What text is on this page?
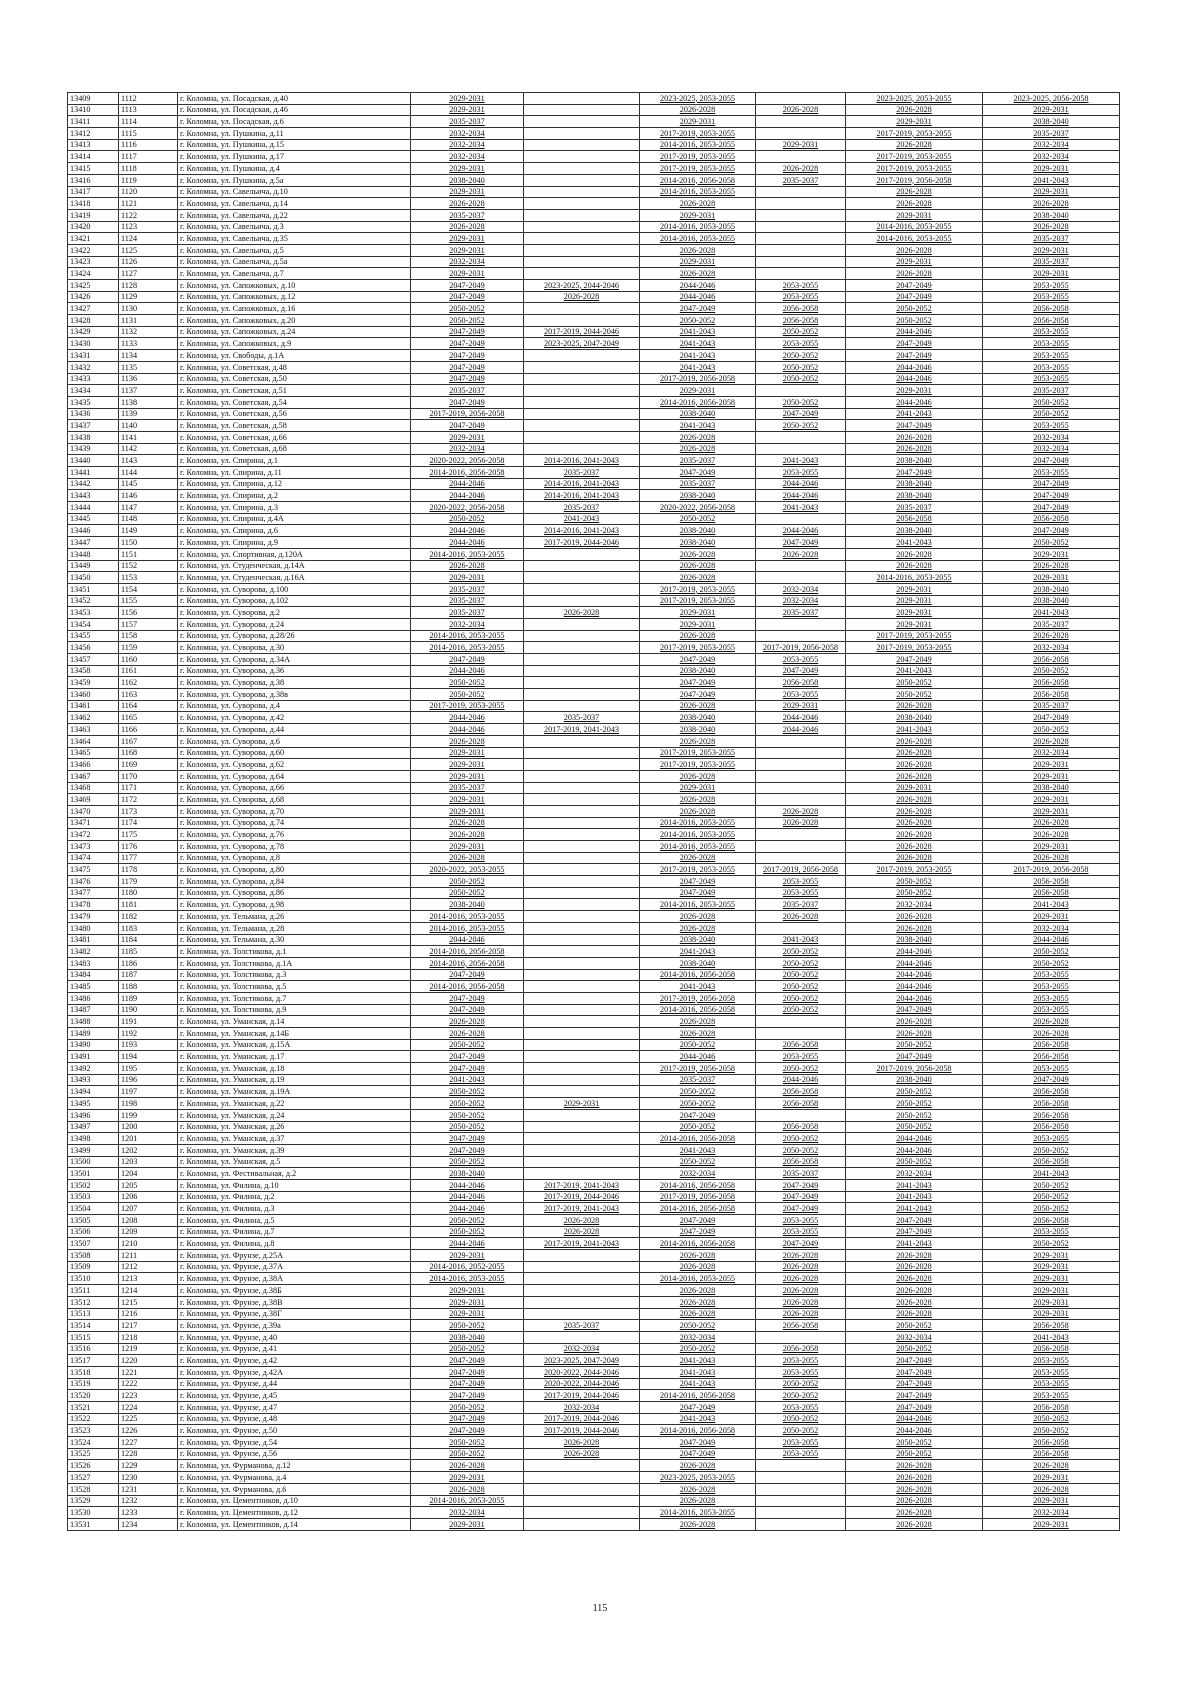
13409	1112	г. Коломна, ул. Посадская, д.40	2029-2031		2023-2025, 2053-2055		2023-2025, 2053-2055	2023-2025, 2056-2058
13410	1113	г. Коломна, ул. Посадская, д.46	2029-2031		2026-2028	2026-2028	2026-2028	2029-2031
13411	1114	г. Коломна, ул. Посадская, д.6	2035-2037		2029-2031		2029-2031	2038-2040
13412	1115	г. Коломна, ул. Пушкина, д.11	2032-2034		2017-2019, 2053-2055		2017-2019, 2053-2055	2035-2037
13413	1116	г. Коломна, ул. Пушкина, д.15	2032-2034		2014-2016, 2053-2055	2029-2031	2026-2028	2032-2034
13414	1117	г. Коломна, ул. Пушкина, д.17	2032-2034		2017-2019, 2053-2055		2017-2019, 2053-2055	2032-2034
13415	1118	г. Коломна, ул. Пушкина, д.4	2029-2031		2017-2019, 2053-2055	2026-2028	2017-2019, 2053-2055	2029-2031
13416	1119	г. Коломна, ул. Пушкина, д.5а	2038-2040		2014-2016, 2056-2058	2035-2037	2017-2019, 2056-2058	2041-2043
13417	1120	г. Коломна, ул. Савельича, д.10	2029-2031		2014-2016, 2053-2055		2026-2028	2029-2031
13418	1121	г. Коломна, ул. Савельича, д.14	2026-2028		2026-2028		2026-2028	2026-2028
13419	1122	г. Коломна, ул. Савельича, д.22	2035-2037		2029-2031		2029-2031	2038-2040
13420	1123	г. Коломна, ул. Савельича, д.3	2026-2028		2014-2016, 2053-2055		2014-2016, 2053-2055	2026-2028
13421	1124	г. Коломна, ул. Савельича, д.35	2029-2031		2014-2016, 2053-2055		2014-2016, 2053-2055	2035-2037
13422	1125	г. Коломна, ул. Савельича, д.5	2029-2031		2026-2028		2026-2028	2029-2031
13423	1126	г. Коломна, ул. Савельича, д.5а	2032-2034		2029-2031		2029-2031	2035-2037
13424	1127	г. Коломна, ул. Савельича, д.7	2029-2031		2026-2028		2026-2028	2029-2031
13425	1128	г. Коломна, ул. Сапожковых, д.10	2047-2049	2023-2025, 2044-2046	2044-2046	2053-2055	2047-2049	2053-2055
13426	1129	г. Коломна, ул. Сапожковых, д.12	2047-2049	2026-2028	2044-2046	2053-2055	2047-2049	2053-2055
13427	1130	г. Коломна, ул. Сапожковых, д.16	2050-2052		2047-2049	2056-2058	2050-2052	2056-2058
13428	1131	г. Коломна, ул. Сапожковых, д.20	2050-2052		2050-2052	2056-2058	2050-2052	2056-2058
13429	1132	г. Коломна, ул. Сапожковых, д.24	2047-2049	2017-2019, 2044-2046	2041-2043	2050-2052	2044-2046	2053-2055
13430	1133	г. Коломна, ул. Сапожковых, д.9	2047-2049	2023-2025, 2047-2049	2041-2043	2053-2055	2047-2049	2053-2055
13431	1134	г. Коломна, ул. Свободы, д.1А	2047-2049		2041-2043	2050-2052	2047-2049	2053-2055
13432	1135	г. Коломна, ул. Советская, д.48	2047-2049		2041-2043	2050-2052	2044-2046	2053-2055
13433	1136	г. Коломна, ул. Советская, д.50	2047-2049		2017-2019, 2056-2058	2050-2052	2044-2046	2053-2055
13434	1137	г. Коломна, ул. Советская, д.51	2035-2037		2029-2031		2029-2031	2035-2037
13435	1138	г. Коломна, ул. Советская, д.54	2047-2049		2014-2016, 2056-2058	2050-2052	2044-2046	2050-2052
13436	1139	г. Коломна, ул. Советская, д.56	2017-2019, 2056-2058		2038-2040	2047-2049	2041-2043	2050-2052
13437	1140	г. Коломна, ул. Советская, д.58	2047-2049		2041-2043	2050-2052	2047-2049	2053-2055
13438	1141	г. Коломна, ул. Советская, д.66	2029-2031		2026-2028		2026-2028	2032-2034
13439	1142	г. Коломна, ул. Советская, д.68	2032-2034		2026-2028		2026-2028	2032-2034
13440	1143	г. Коломна, ул. Спирина, д.1	2020-2022, 2056-2058	2014-2016, 2041-2043	2035-2037	2041-2043	2038-2040	2047-2049
13441	1144	г. Коломна, ул. Спирина, д.11	2014-2016, 2056-2058	2035-2037	2047-2049	2053-2055	2047-2049	2053-2055
13442	1145	г. Коломна, ул. Спирина, д.12	2044-2046	2014-2016, 2041-2043	2035-2037	2044-2046	2038-2040	2047-2049
13443	1146	г. Коломна, ул. Спирина, д.2	2044-2046	2014-2016, 2041-2043	2038-2040	2044-2046	2038-2040	2047-2049
13444	1147	г. Коломна, ул. Спирина, д.3	2020-2022, 2056-2058	2035-2037	2020-2022, 2056-2058	2041-2043	2035-2037	2047-2049
13445	1148	г. Коломна, ул. Спирина, д.4А	2050-2052	2041-2043	2050-2052		2056-2058	2056-2058
13446	1149	г. Коломна, ул. Спирина, д.6	2044-2046	2014-2016, 2041-2043	2038-2040	2044-2046	2038-2040	2047-2049
13447	1150	г. Коломна, ул. Спирина, д.9	2044-2046	2017-2019, 2044-2046	2038-2040	2047-2049	2041-2043	2050-2052
13448	1151	г. Коломна, ул. Спортивная, д.120А	2014-2016, 2053-2055		2026-2028	2026-2028	2026-2028	2029-2031
13449	1152	г. Коломна, ул. Студенческая, д.14А	2026-2028		2026-2028		2026-2028	2026-2028
13450	1153	г. Коломна, ул. Студенческая, д.16А	2029-2031		2026-2028		2014-2016, 2053-2055	2029-2031
13451	1154	г. Коломна, ул. Суворова, д.100	2035-2037		2017-2019, 2053-2055	2032-2034	2029-2031	2038-2040
13452	1155	г. Коломна, ул. Суворова, д.102	2035-2037		2017-2019, 2053-2055	2032-2034	2029-2031	2038-2040
13453	1156	г. Коломна, ул. Суворова, д.2	2035-2037	2026-2028	2029-2031	2035-2037	2029-2031	2041-2043
13454	1157	г. Коломна, ул. Суворова, д.24	2032-2034		2029-2031		2029-2031	2035-2037
13455	1158	г. Коломна, ул. Суворова, д.28/26	2014-2016, 2053-2055		2026-2028		2017-2019, 2053-2055	2026-2028
13456	1159	г. Коломна, ул. Суворова, д.30	2014-2016, 2053-2055		2017-2019, 2053-2055	2017-2019, 2056-2058	2017-2019, 2053-2055	2032-2034
13457	1160	г. Коломна, ул. Суворова, д.34А	2047-2049		2047-2049	2053-2055	2047-2049	2056-2058
13458	1161	г. Коломна, ул. Суворова, д.36	2044-2046		2038-2040	2047-2049	2041-2043	2050-2052
13459	1162	г. Коломна, ул. Суворова, д.38	2050-2052		2047-2049	2056-2058	2050-2052	2056-2058
13460	1163	г. Коломна, ул. Суворова, д.38в	2050-2052		2047-2049	2053-2055	2050-2052	2056-2058
13461	1164	г. Коломна, ул. Суворова, д.4	2017-2019, 2053-2055		2026-2028	2029-2031	2026-2028	2035-2037
13462	1165	г. Коломна, ул. Суворова, д.42	2044-2046	2035-2037	2038-2040	2044-2046	2038-2040	2047-2049
13463	1166	г. Коломна, ул. Суворова, д.44	2044-2046	2017-2019, 2041-2043	2038-2040	2044-2046	2041-2043	2050-2052
13464	1167	г. Коломна, ул. Суворова, д.6	2026-2028		2026-2028		2026-2028	2026-2028
13465	1168	г. Коломна, ул. Суворова, д.60	2029-2031		2017-2019, 2053-2055		2026-2028	2032-2034
13466	1169	г. Коломна, ул. Суворова, д.62	2029-2031		2017-2019, 2053-2055		2026-2028	2029-2031
13467	1170	г. Коломна, ул. Суворова, д.64	2029-2031		2026-2028		2026-2028	2029-2031
13468	1171	г. Коломна, ул. Суворова, д.66	2035-2037		2029-2031		2029-2031	2038-2040
13469	1172	г. Коломна, ул. Суворова, д.68	2029-2031		2026-2028		2026-2028	2029-2031
13470	1173	г. Коломна, ул. Суворова, д.70	2029-2031		2026-2028	2026-2028	2026-2028	2029-2031
13471	1174	г. Коломна, ул. Суворова, д.74	2026-2028		2014-2016, 2053-2055	2026-2028	2026-2028	2026-2028
13472	1175	г. Коломна, ул. Суворова, д.76	2026-2028		2014-2016, 2053-2055		2026-2028	2026-2028
13473	1176	г. Коломна, ул. Суворова, д.78	2029-2031		2014-2016, 2053-2055		2026-2028	2029-2031
13474	1177	г. Коломна, ул. Суворова, д.8	2026-2028		2026-2028		2026-2028	2026-2028
13475	1178	г. Коломна, ул. Суворова, д.80	2020-2022, 2053-2055		2017-2019, 2053-2055	2017-2019, 2056-2058	2017-2019, 2053-2055	2017-2019, 2056-2058
13476	1179	г. Коломна, ул. Суворова, д.84	2050-2052		2047-2049	2053-2055	2050-2052	2056-2058
13477	1180	г. Коломна, ул. Суворова, д.86	2050-2052		2047-2049	2053-2055	2050-2052	2056-2058
13478	1181	г. Коломна, ул. Суворова, д.98	2038-2040		2014-2016, 2053-2055	2035-2037	2032-2034	2041-2043
13479	1182	г. Коломна, ул. Тельмана, д.26	2014-2016, 2053-2055		2026-2028	2026-2028	2026-2028	2029-2031
13480	1183	г. Коломна, ул. Тельмана, д.28	2014-2016, 2053-2055		2026-2028		2026-2028	2032-2034
13481	1184	г. Коломна, ул. Тельмана, д.30	2044-2046		2038-2040	2041-2043	2038-2040	2044-2046
13482	1185	г. Коломна, ул. Толстикова, д.1	2014-2016, 2056-2058		2041-2043	2050-2052	2044-2046	2050-2052
13483	1186	г. Коломна, ул. Толстикова, д.1А	2014-2016, 2056-2058		2038-2040	2050-2052	2044-2046	2050-2052
13484	1187	г. Коломна, ул. Толстикова, д.3	2047-2049		2014-2016, 2056-2058	2050-2052	2044-2046	2053-2055
13485	1188	г. Коломна, ул. Толстикова, д.5	2014-2016, 2056-2058		2041-2043	2050-2052	2044-2046	2053-2055
13486	1189	г. Коломна, ул. Толстикова, д.7	2047-2049		2017-2019, 2056-2058	2050-2052	2044-2046	2053-2055
13487	1190	г. Коломна, ул. Толстикова, д.9	2047-2049		2014-2016, 2056-2058	2050-2052	2047-2049	2053-2055
13488	1191	г. Коломна, ул. Уманская, д.14	2026-2028		2026-2028		2026-2028	2026-2028
13489	1192	г. Коломна, ул. Уманская, д.14Б	2026-2028		2026-2028		2026-2028	2026-2028
13490	1193	г. Коломна, ул. Уманская, д.15А	2050-2052		2050-2052	2056-2058	2050-2052	2056-2058
13491	1194	г. Коломна, ул. Уманская, д.17	2047-2049		2044-2046	2053-2055	2047-2049	2056-2058
13492	1195	г. Коломна, ул. Уманская, д.18	2047-2049		2017-2019, 2056-2058	2050-2052	2017-2019, 2056-2058	2053-2055
13493	1196	г. Коломна, ул. Уманская, д.19	2041-2043		2035-2037	2044-2046	2038-2040	2047-2049
13494	1197	г. Коломна, ул. Уманская, д.19А	2050-2052		2050-2052	2056-2058	2050-2052	2056-2058
13495	1198	г. Коломна, ул. Уманская, д.22	2050-2052	2029-2031	2050-2052	2056-2058	2050-2052	2056-2058
13496	1199	г. Коломна, ул. Уманская, д.24	2050-2052		2047-2049		2050-2052	2056-2058
13497	1200	г. Коломна, ул. Уманская, д.26	2050-2052		2050-2052	2056-2058	2050-2052	2056-2058
13498	1201	г. Коломна, ул. Уманская, д.37	2047-2049		2014-2016, 2056-2058	2050-2052	2044-2046	2053-2055
13499	1202	г. Коломна, ул. Уманская, д.39	2047-2049		2041-2043	2050-2052	2044-2046	2050-2052
13500	1203	г. Коломна, ул. Уманская, д.5	2050-2052		2050-2052	2056-2058	2050-2052	2056-2058
13501	1204	г. Коломна, ул. Фестивальная, д.2	2038-2040		2032-2034	2035-2037	2032-2034	2041-2043
13502	1205	г. Коломна, ул. Филина, д.10	2044-2046	2017-2019, 2041-2043	2014-2016, 2056-2058	2047-2049	2041-2043	2050-2052
13503	1206	г. Коломна, ул. Филина, д.2	2044-2046	2017-2019, 2044-2046	2017-2019, 2056-2058	2047-2049	2041-2043	2050-2052
13504	1207	г. Коломна, ул. Филина, д.3	2044-2046	2017-2019, 2041-2043	2014-2016, 2056-2058	2047-2049	2041-2043	2050-2052
13505	1208	г. Коломна, ул. Филина, д.5	2050-2052	2026-2028	2047-2049	2053-2055	2047-2049	2056-2058
13506	1209	г. Коломна, ул. Филина, д.7	2050-2052	2026-2028	2047-2049	2053-2055	2047-2049	2053-2055
13507	1210	г. Коломна, ул. Филина, д.8	2044-2046	2017-2019, 2041-2043	2014-2016, 2056-2058	2047-2049	2041-2043	2050-2052
13508	1211	г. Коломна, ул. Фрунзе, д.25А	2029-2031		2026-2028	2026-2028	2026-2028	2029-2031
13509	1212	г. Коломна, ул. Фрунзе, д.37А	2014-2016, 2052-2055		2026-2028	2026-2028	2026-2028	2029-2031
13510	1213	г. Коломна, ул. Фрунзе, д.38А	2014-2016, 2053-2055		2014-2016, 2053-2055	2026-2028	2026-2028	2029-2031
13511	1214	г. Коломна, ул. Фрунзе, д.38Б	2029-2031		2026-2028	2026-2028	2026-2028	2029-2031
13512	1215	г. Коломна, ул. Фрунзе, д.38В	2029-2031		2026-2028	2026-2028	2026-2028	2029-2031
13513	1216	г. Коломна, ул. Фрунзе, д.38Г	2029-2031		2026-2028	2026-2028	2026-2028	2029-2031
13514	1217	г. Коломна, ул. Фрунзе, д.39а	2050-2052	2035-2037	2050-2052	2056-2058	2050-2052	2056-2058
13515	1218	г. Коломна, ул. Фрунзе, д.40	2038-2040		2032-2034		2032-2034	2041-2043
13516	1219	г. Коломна, ул. Фрунзе, д.41	2050-2052	2032-2034	2050-2052	2056-2058	2050-2052	2056-2058
13517	1220	г. Коломна, ул. Фрунзе, д.42	2047-2049	2023-2025, 2047-2049	2041-2043	2053-2055	2047-2049	2053-2055
13518	1221	г. Коломна, ул. Фрунзе, д.42А	2047-2049	2020-2022, 2044-2046	2041-2043	2053-2055	2047-2049	2053-2055
13519	1222	г. Коломна, ул. Фрунзе, д.44	2047-2049	2020-2022, 2044-2046	2041-2043	2050-2052	2047-2049	2053-2055
13520	1223	г. Коломна, ул. Фрунзе, д.45	2047-2049	2017-2019, 2044-2046	2014-2016, 2056-2058	2050-2052	2047-2049	2053-2055
13521	1224	г. Коломна, ул. Фрунзе, д.47	2050-2052	2032-2034	2047-2049	2053-2055	2047-2049	2056-2058
13522	1225	г. Коломна, ул. Фрунзе, д.48	2047-2049	2017-2019, 2044-2046	2041-2043	2050-2052	2044-2046	2050-2052
13523	1226	г. Коломна, ул. Фрунзе, д.50	2047-2049	2017-2019, 2044-2046	2014-2016, 2056-2058	2050-2052	2044-2046	2050-2052
13524	1227	г. Коломна, ул. Фрунзе, д.54	2050-2052	2026-2028	2047-2049	2053-2055	2050-2052	2056-2058
13525	1228	г. Коломна, ул. Фрунзе, д.56	2050-2052	2026-2028	2047-2049	2053-2055	2050-2052	2056-2058
13526	1229	г. Коломна, ул. Фурманова, д.12	2026-2028		2026-2028		2026-2028	2026-2028
13527	1230	г. Коломна, ул. Фурманова, д.4	2029-2031		2023-2025, 2053-2055		2026-2028	2029-2031
13528	1231	г. Коломна, ул. Фурманова, д.6	2026-2028		2026-2028		2026-2028	2026-2028
13529	1232	г. Коломна, ул. Цементников, д.10	2014-2016, 2053-2055		2026-2028		2026-2028	2029-2031
13530	1233	г. Коломна, ул. Цементников, д.12	2032-2034		2014-2016, 2053-2055		2026-2028	2032-2034
13531	1234	г. Коломна, ул. Цементников, д.14	2029-2031		2026-2028		2026-2028	2029-2031
115
